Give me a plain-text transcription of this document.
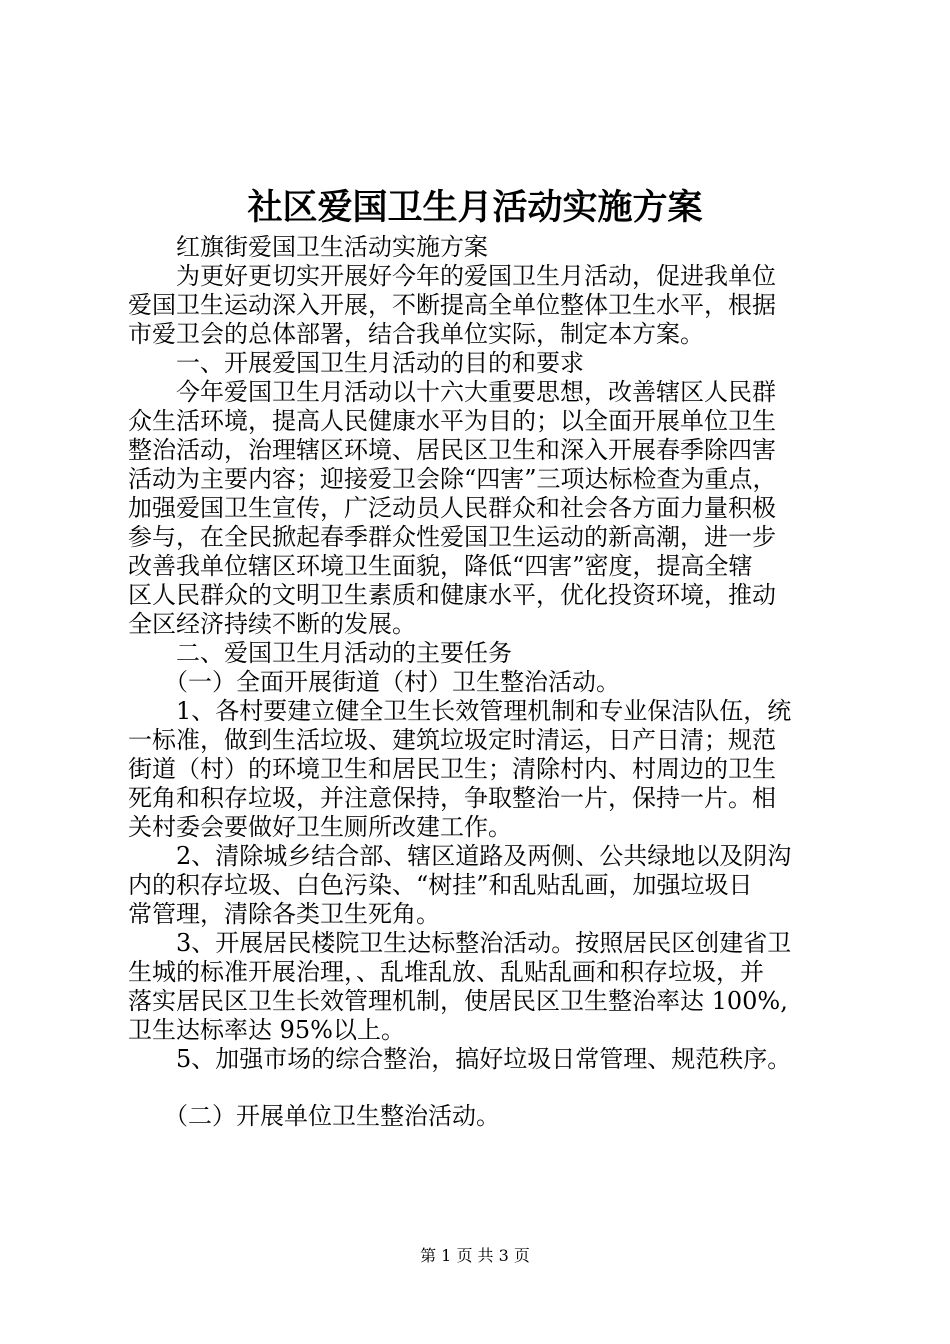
社区爱国卫生月活动实施方案
红旗街爱国卫生活动实施方案
为更好更切实开展好今年的爱国卫生月活动，促进我单位
爱国卫生运动深入开展，不断提高全单位整体卫生水平，根据
市爱卫会的总体部署，结合我单位实际，制定本方案。
一、开展爱国卫生月活动的目的和要求
今年爱国卫生月活动以十六大重要思想，改善辖区人民群
众生活环境，提高人民健康水平为目的；以全面开展单位卫生
整治活动，治理辖区环境、居民区卫生和深入开展春季除四害
活动为主要内容；迎接爱卫会除“四害”三项达标检查为重点，
加强爱国卫生宣传，广泛动员人民群众和社会各方面力量积极
参与，在全民掀起春季群众性爱国卫生运动的新高潮，进一步
改善我单位辖区环境卫生面貌，降低“四害”密度，提高全辖
区人民群众的文明卫生素质和健康水平，优化投资环境，推动
全区经济持续不断的发展。
二、爱国卫生月活动的主要任务
（一）全面开展街道（村）卫生整治活动。
1、各村要建立健全卫生长效管理机制和专业保洁队伍，统
一标准，做到生活垃圾、建筑垃圾定时清运，日产日清；规范
街道（村）的环境卫生和居民卫生；清除村内、村周边的卫生
死角和积存垃圾，并注意保持，争取整治一片，保持一片。相
关村委会要做好卫生厕所改建工作。
2、清除城乡结合部、辖区道路及两侧、公共绿地以及阴沟
内的积存垃圾、白色污染、“树挂”和乱贴乱画，加强垃圾日
常管理，清除各类卫生死角。
3、开展居民楼院卫生达标整治活动。按照居民区创建省卫
生城的标准开展治理，、乱堆乱放、乱贴乱画和积存垃圾，并
落实居民区卫生长效管理机制，使居民区卫生整治率达 100%,
卫生达标率达 95%以上。
5、加强市场的综合整治，搞好垃圾日常管理、规范秩序。
（二）开展单位卫生整治活动。
第 1 页 共 3 页
